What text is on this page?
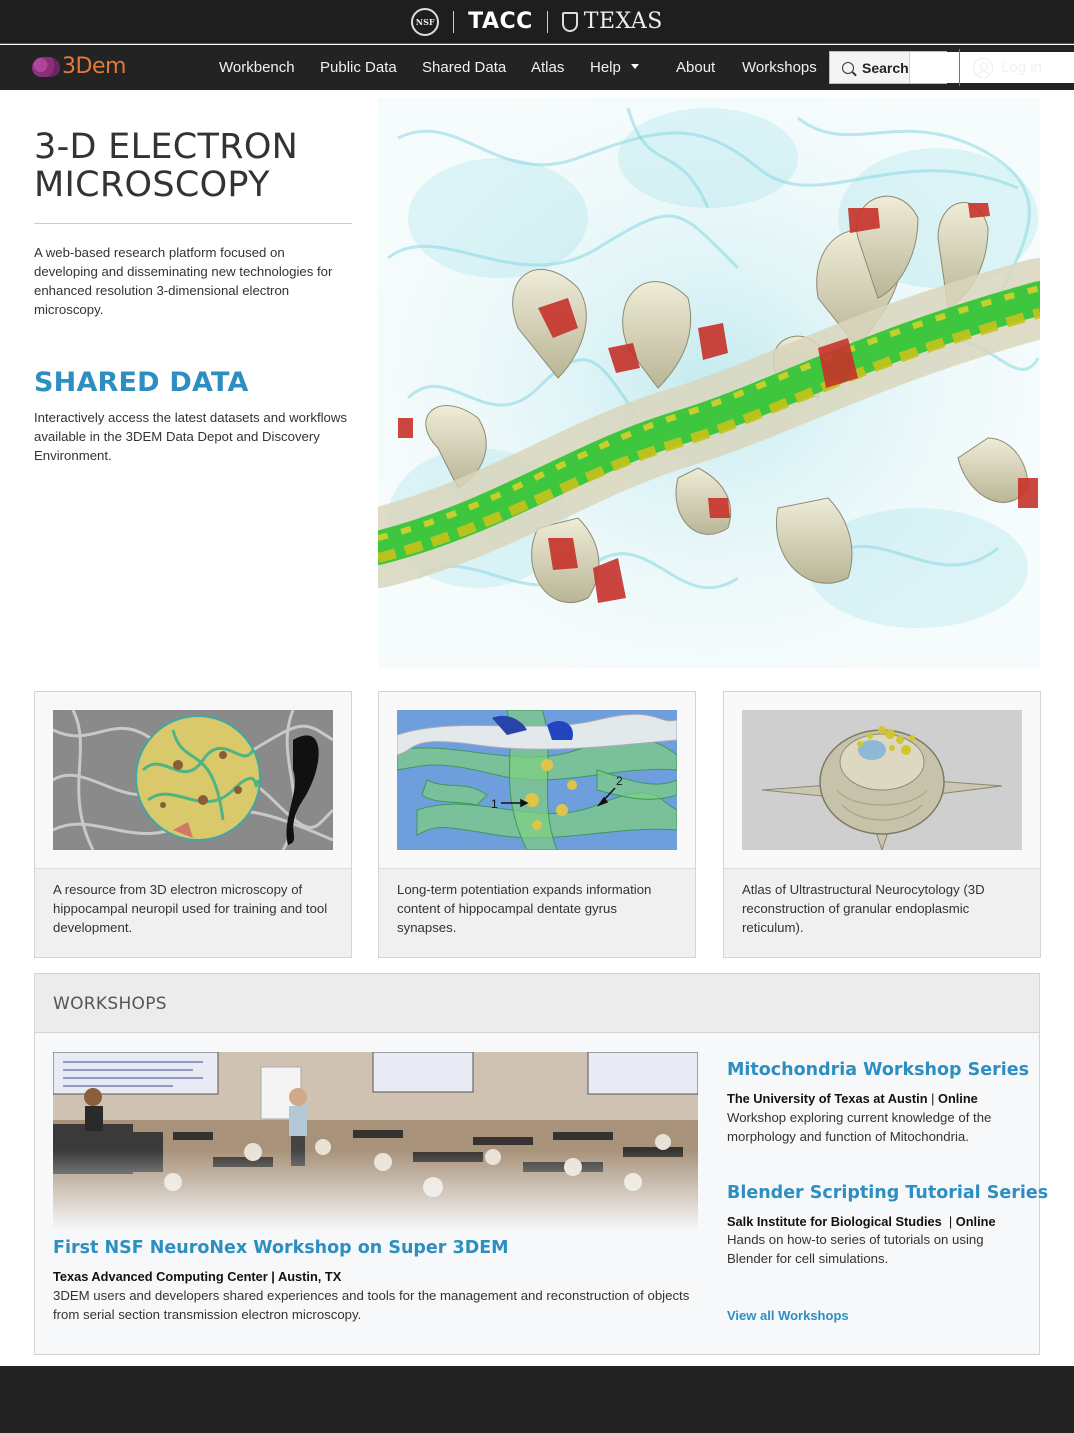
NSF TACC TEXAS
3Dem	Workbench Public Data Shared Data Atlas Help	About Workshops	Search	Log in
3-D ELECTRON MICROSCOPY

A web-based research platform focused on developing and disseminating new technologies for enhanced resolution 3-dimensional electron microscopy.

SHARED DATA

Interactively access the latest datasets and workflows available in the 3DEM Data Depot and Discovery Environment.

A resource from 3D electron microscopy of hippocampal neuropil used for training and tool development.

1
2

Long-term potentiation expands information content of hippocampal dentate gyrus synapses.

Atlas of Ultrastructural Neurocytology (3D reconstruction of granular endoplasmic reticulum).

WORKSHOPS
First NSF NeuroNex Workshop on Super 3DEM
Texas Advanced Computing Center | Austin, TX

3DEM users and developers shared experiences and tools for the management and reconstruction of objects from serial section transmission electron microscopy.

Mitochondria Workshop Series
The University of Texas at Austin | Online

Workshop exploring current knowledge of the morphology and function of Mitochondria.

Blender Scripting Tutorial Series
Salk Institute for Biological Studies  | Online

Hands on how-to series of tutorials on using Blender for cell simulations.

View all Workshops
